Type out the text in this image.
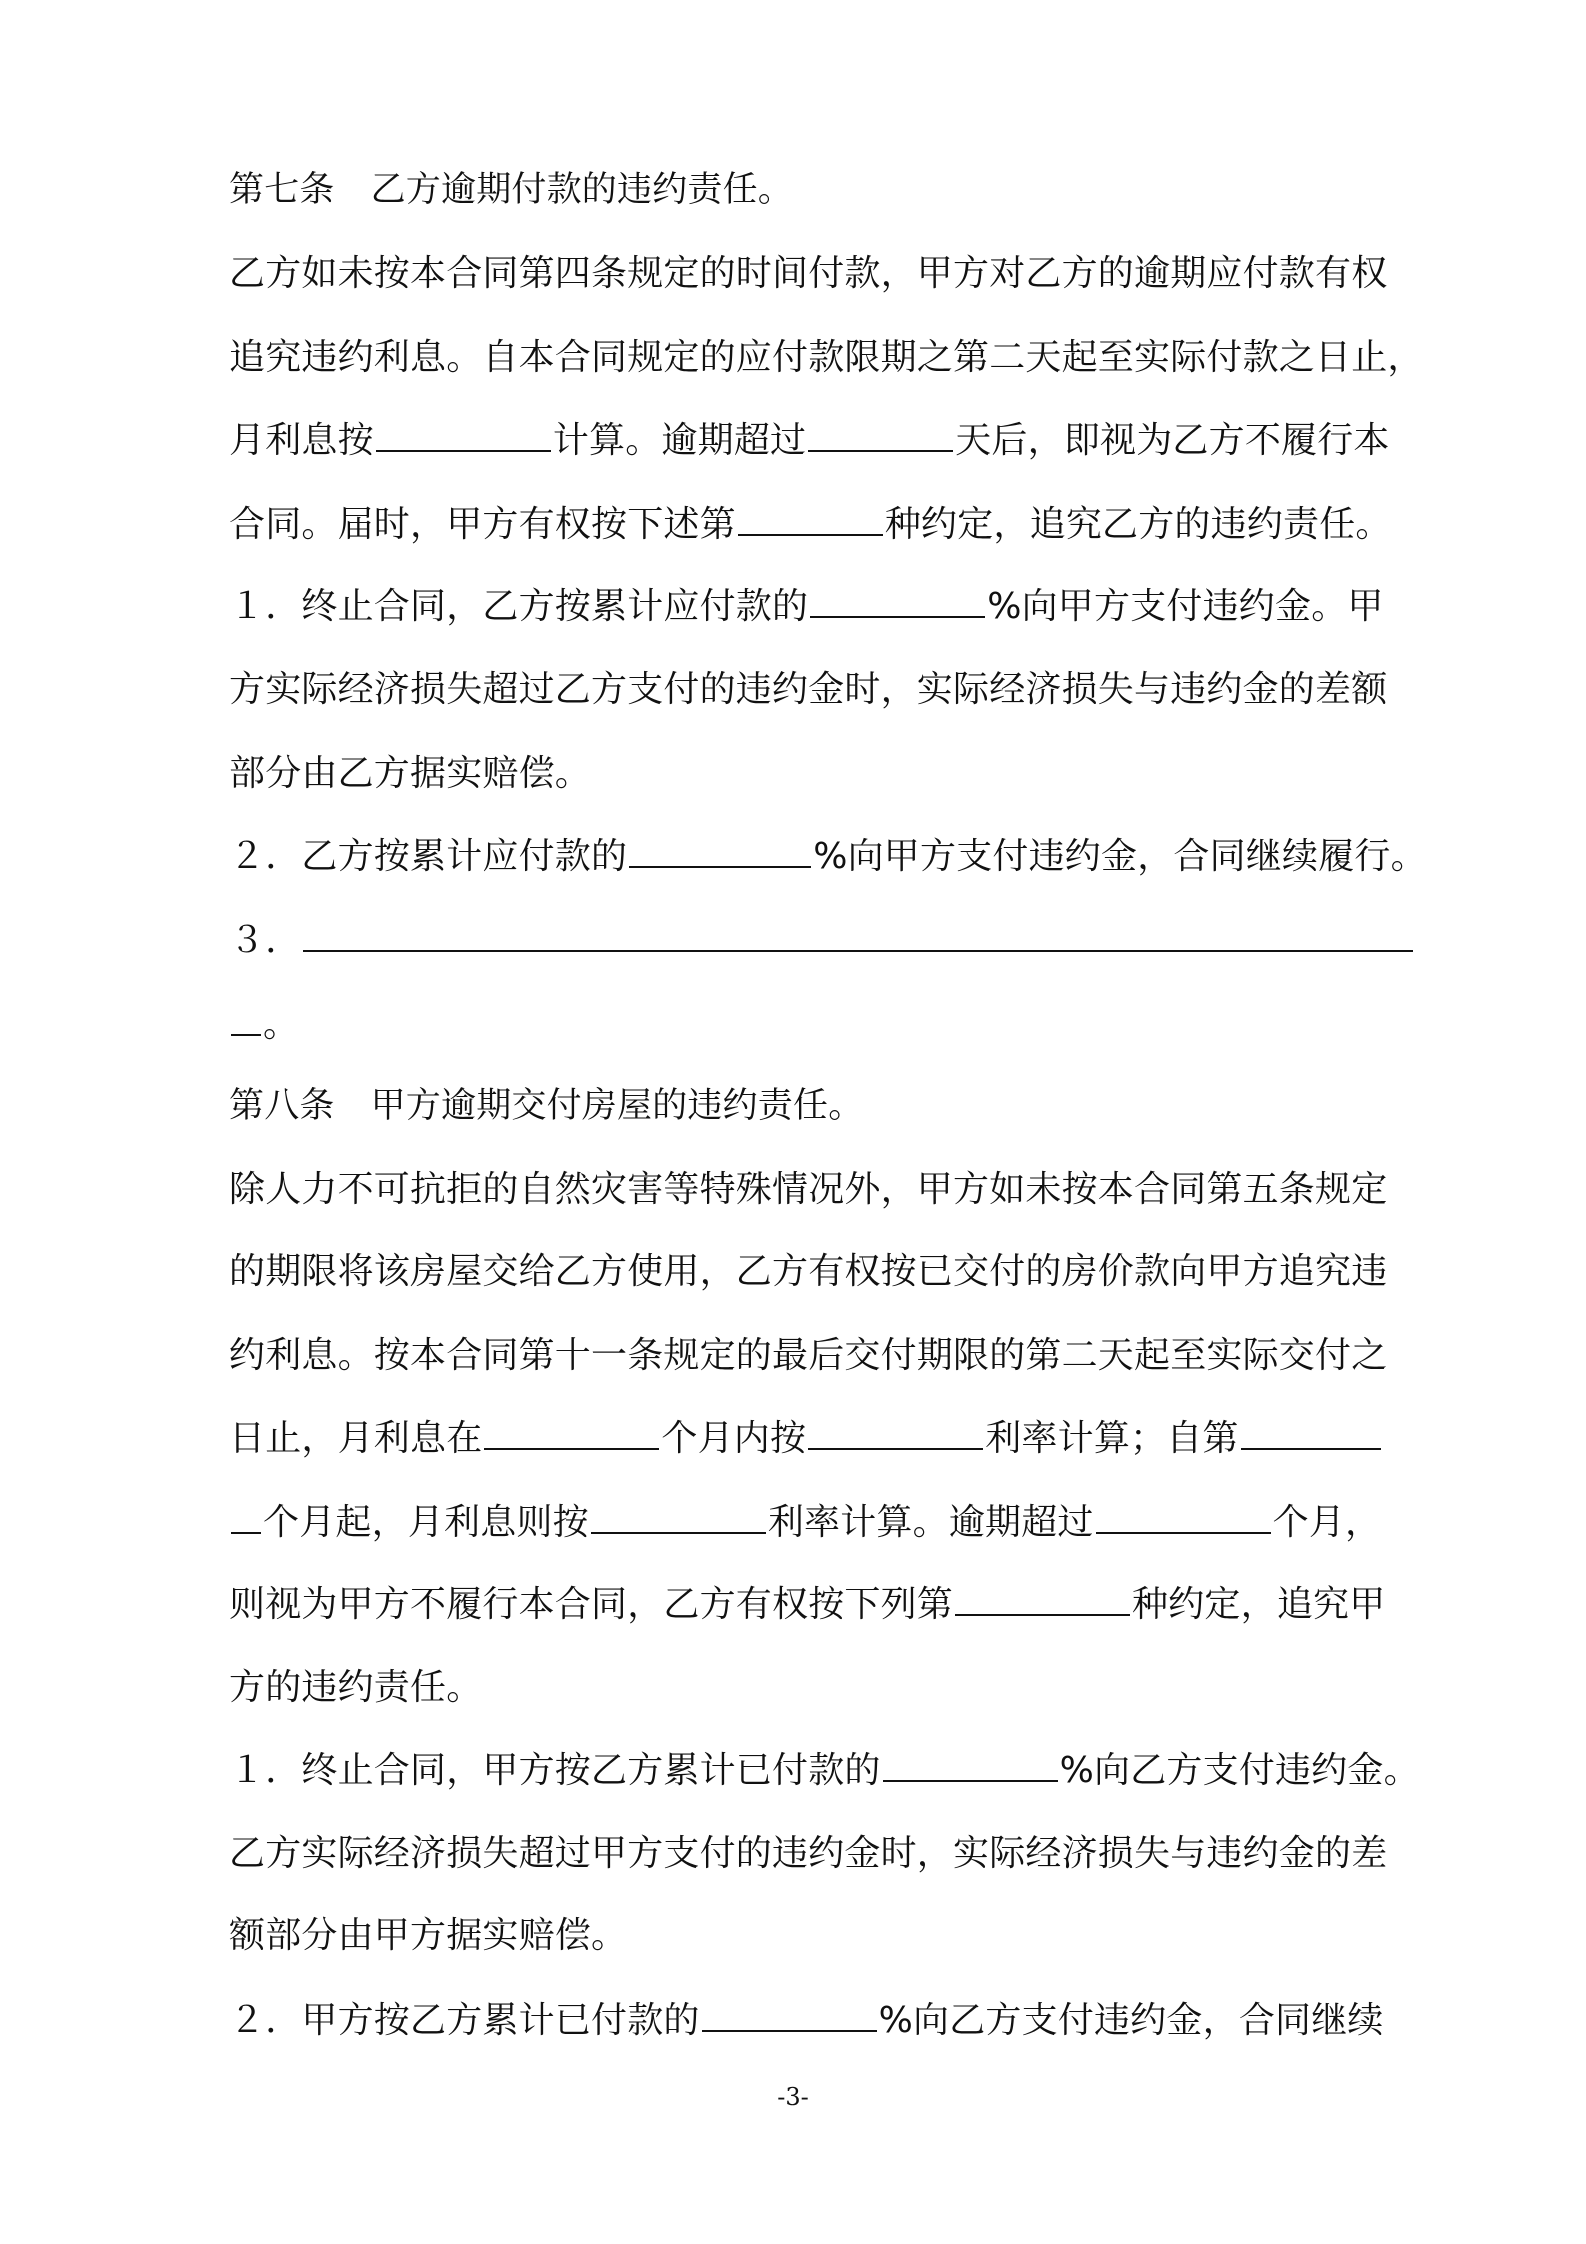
第七条 乙方逾期付款的违约责任。
乙方如未按本合同第四条规定的时间付款，甲方对乙方的逾期应付款有权
追究违约利息。自本合同规定的应付款限期之第二天起至实际付款之日止，
月利息按	计算。逾期超过	天后，即视为乙方不履行本
合同。届时，甲方有权按下述第	种约定，追究乙方的违约责任。
１．终止合同，乙方按累计应付款的	%向甲方支付违约金。甲
方实际经济损失超过乙方支付的违约金时，实际经济损失与违约金的差额
部分由乙方据实赔偿。
２．乙方按累计应付款的	%向甲方支付违约金，合同继续履行。
３．
。
第八条 甲方逾期交付房屋的违约责任。
除人力不可抗拒的自然灾害等特殊情况外，甲方如未按本合同第五条规定
的期限将该房屋交给乙方使用，乙方有权按已交付的房价款向甲方追究违
约利息。按本合同第十一条规定的最后交付期限的第二天起至实际交付之
日止，月利息在	个月内按	利率计算；自第
个月起，月利息则按	利率计算。逾期超过	个月，
则视为甲方不履行本合同，乙方有权按下列第	种约定，追究甲
方的违约责任。
１．终止合同，甲方按乙方累计已付款的	%向乙方支付违约金。
乙方实际经济损失超过甲方支付的违约金时，实际经济损失与违约金的差
额部分由甲方据实赔偿。
２．甲方按乙方累计已付款的	%向乙方支付违约金，合同继续
-3-
